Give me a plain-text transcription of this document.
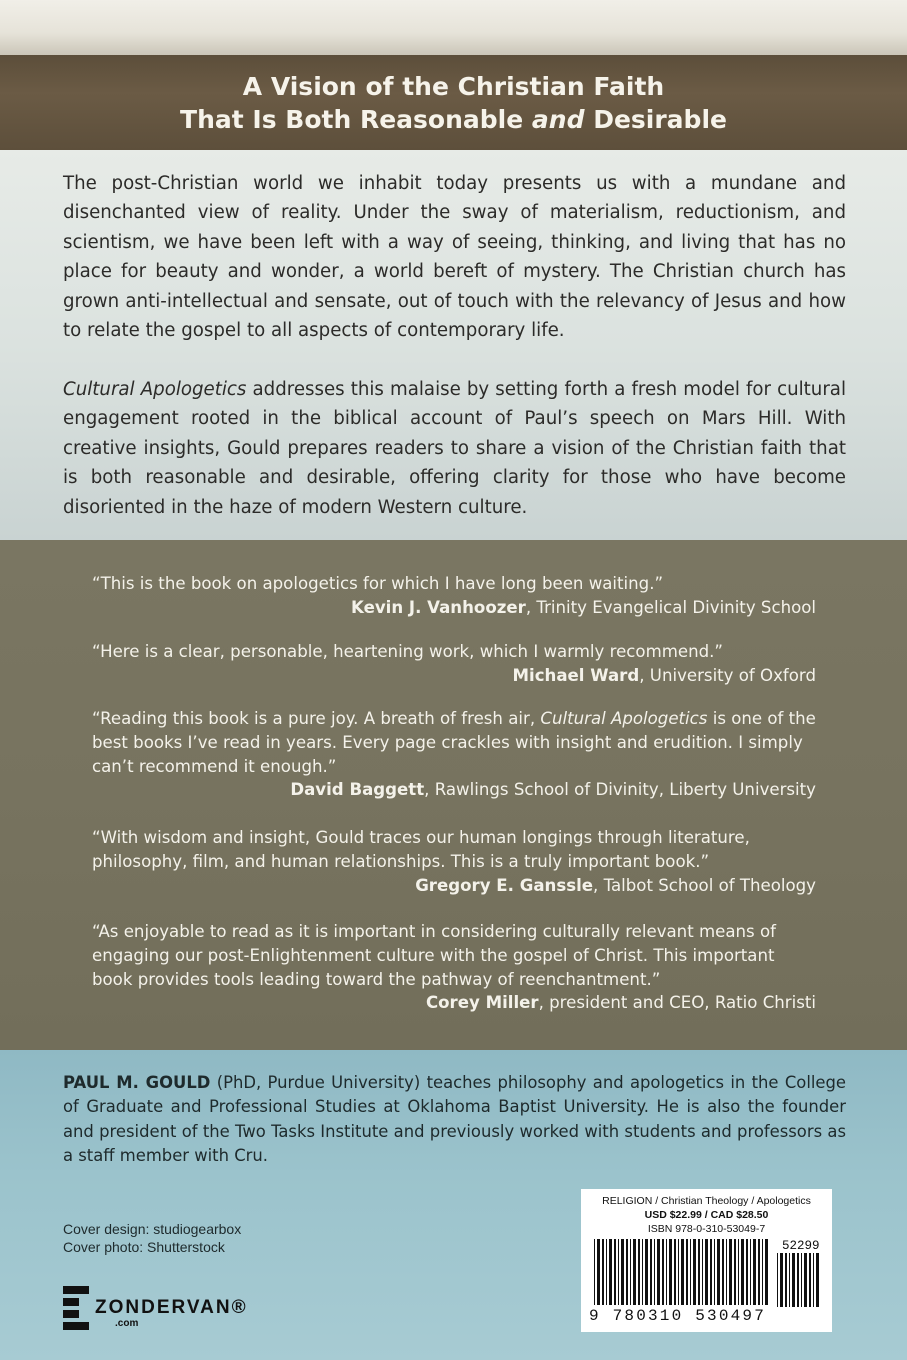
A Vision of the Christian Faith
That Is Both Reasonable and Desirable

The post-Christian world we inhabit today presents us with a mundane and disenchanted view of reality. Under the sway of materialism, reductionism, and scientism, we have been left with a way of seeing, thinking, and living that has no place for beauty and wonder, a world bereft of mystery. The Christian church has grown anti-intellectual and sensate, out of touch with the relevancy of Jesus and how to relate the gospel to all aspects of contemporary life.

Cultural Apologetics addresses this malaise by setting forth a fresh model for cultural engagement rooted in the biblical account of Paul’s speech on Mars Hill. With creative insights, Gould prepares readers to share a vision of the Christian faith that is both reasonable and desirable, offering clarity for those who have become disoriented in the haze of modern Western culture.

“This is the book on apologetics for which I have long been waiting.”
Kevin J. Vanhoozer, Trinity Evangelical Divinity School
“Here is a clear, personable, heartening work, which I warmly recommend.”
Michael Ward, University of Oxford
“Reading this book is a pure joy. A breath of fresh air, Cultural Apologetics is one of the best books I’ve read in years. Every page crackles with insight and erudition. I simply can’t recommend it enough.”
David Baggett, Rawlings School of Divinity, Liberty University
“With wisdom and insight, Gould traces our human longings through literature, philosophy, film, and human relationships. This is a truly important book.”
Gregory E. Ganssle, Talbot School of Theology
“As enjoyable to read as it is important in considering culturally relevant means of engaging our post-Enlightenment culture with the gospel of Christ. This important book provides tools leading toward the pathway of reenchantment.”
Corey Miller, president and CEO, Ratio Christi

PAUL M. GOULD (PhD, Purdue University) teaches philosophy and apologetics in the College of Graduate and Professional Studies at Oklahoma Baptist University. He is also the founder and president of the Two Tasks Institute and previously worked with students and professors as a staff member with Cru.

Cover design: studiogearbox
Cover photo: Shutterstock
ZONDERVAN®
.com

RELIGION / Christian Theology / Apologetics

USD $22.99 / CAD $28.50

ISBN 978-0-310-53049-7

9 780310 530497
52299
